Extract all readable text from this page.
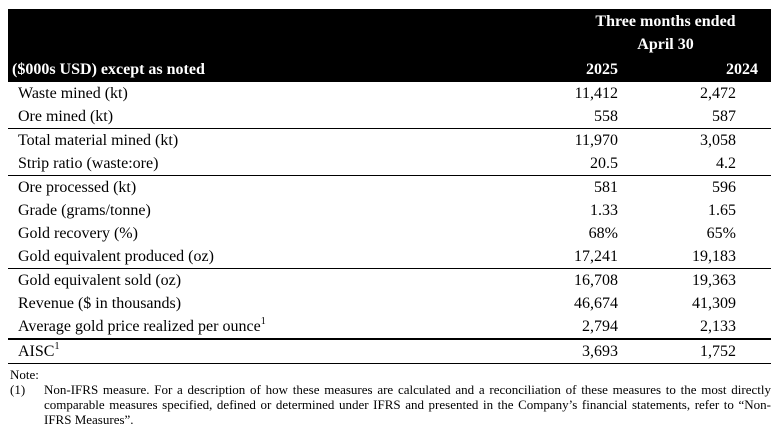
Three months ended
April 30
($000s USD) except as noted	2025	2024
Waste mined (kt)	11,412	2,472
Ore mined (kt)	558	587
Total material mined (kt)	11,970	3,058
Strip ratio (waste:ore)	20.5	4.2
Ore processed (kt)	581	596
Grade (grams/tonne)	1.33	1.65
Gold recovery (%)	68%	65%
Gold equivalent produced (oz)	17,241	19,183
Gold equivalent sold (oz)	16,708	19,363
Revenue ($ in thousands)	46,674	41,309
Average gold price realized per ounce$^1$	2,794	2,133
AISC$^1$	3,693	1,752
Note:
(1)	Non-IFRS measure. For a description of how these measures are calculated and a reconciliation of these measures to the most directly comparable measures specified, defined or determined under IFRS and presented in the Company’s financial statements, refer to “Non-IFRS Measures”.
